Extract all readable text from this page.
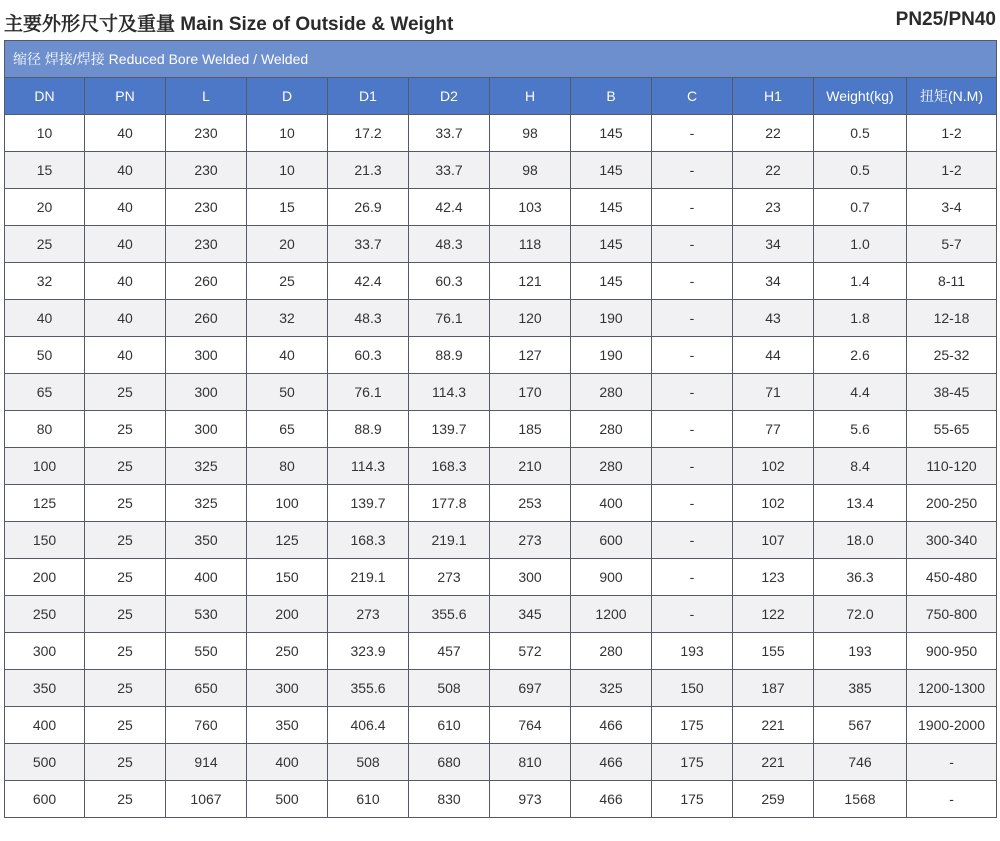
主要外形尺寸及重量 Main Size of Outside & Weight	PN25/PN40
缩径 焊接/焊接 Reduced Bore Welded / Welded											
DN	PN	L	D	D1	D2	H	B	C	H1	Weight(kg)	扭矩(N.M)
10	40	230	10	17.2	33.7	98	145	-	22	0.5	1-2
15	40	230	10	21.3	33.7	98	145	-	22	0.5	1-2
20	40	230	15	26.9	42.4	103	145	-	23	0.7	3-4
25	40	230	20	33.7	48.3	118	145	-	34	1.0	5-7
32	40	260	25	42.4	60.3	121	145	-	34	1.4	8-11
40	40	260	32	48.3	76.1	120	190	-	43	1.8	12-18
50	40	300	40	60.3	88.9	127	190	-	44	2.6	25-32
65	25	300	50	76.1	114.3	170	280	-	71	4.4	38-45
80	25	300	65	88.9	139.7	185	280	-	77	5.6	55-65
100	25	325	80	114.3	168.3	210	280	-	102	8.4	110-120
125	25	325	100	139.7	177.8	253	400	-	102	13.4	200-250
150	25	350	125	168.3	219.1	273	600	-	107	18.0	300-340
200	25	400	150	219.1	273	300	900	-	123	36.3	450-480
250	25	530	200	273	355.6	345	1200	-	122	72.0	750-800
300	25	550	250	323.9	457	572	280	193	155	193	900-950
350	25	650	300	355.6	508	697	325	150	187	385	1200-1300
400	25	760	350	406.4	610	764	466	175	221	567	1900-2000
500	25	914	400	508	680	810	466	175	221	746	-
600	25	1067	500	610	830	973	466	175	259	1568	-
